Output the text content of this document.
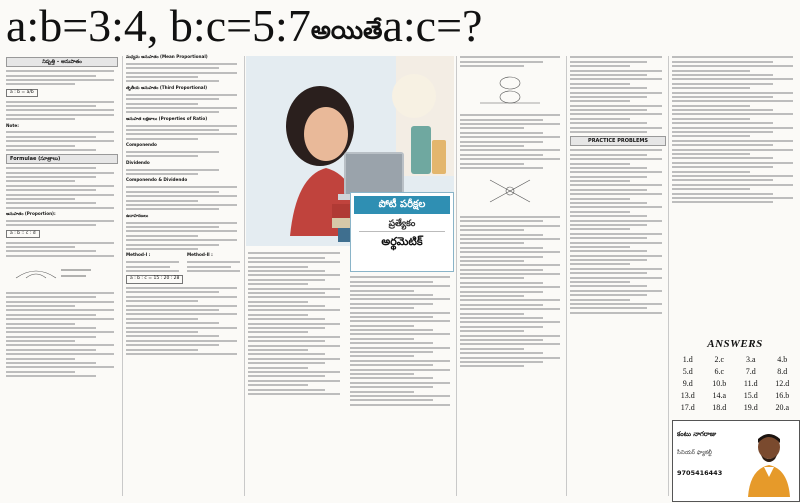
a:b=3:4, b:c=5:7అయితేa:c=?
నిష్పత్తి – అనుపాతం
a : b = a/b

Note:

Formulae (సూత్రాలు)

అనుపాతం (Proportion):

a : b :: c : d

మధ్యమ అనుపాతం (Mean Proportional)

తృతీయ అనుపాతం (Third Proportional)

అనుపాత లక్షణాలు (Properties of Ratio)

Componendo

Dividendo

Componendo & Dividendo

ఉదాహరణలు

Method-I :	Method-II :

a : b : c = 15 : 20 : 28
పోటీ పరీక్షల
ప్రత్యేకం
అర్థమెటిక్
PRACTICE PROBLEMS
ANSWERS
1.d	2.c	3.a	4.b
5.d	6.c	7.d	8.d
9.d	10.b	11.d	12.d
13.d	14.a	15.d	16.b
17.d	18.d	19.d	20.a
కంటు నాగరాజు
సీనియర్ ఫ్యాకల్టీ
9705416443
